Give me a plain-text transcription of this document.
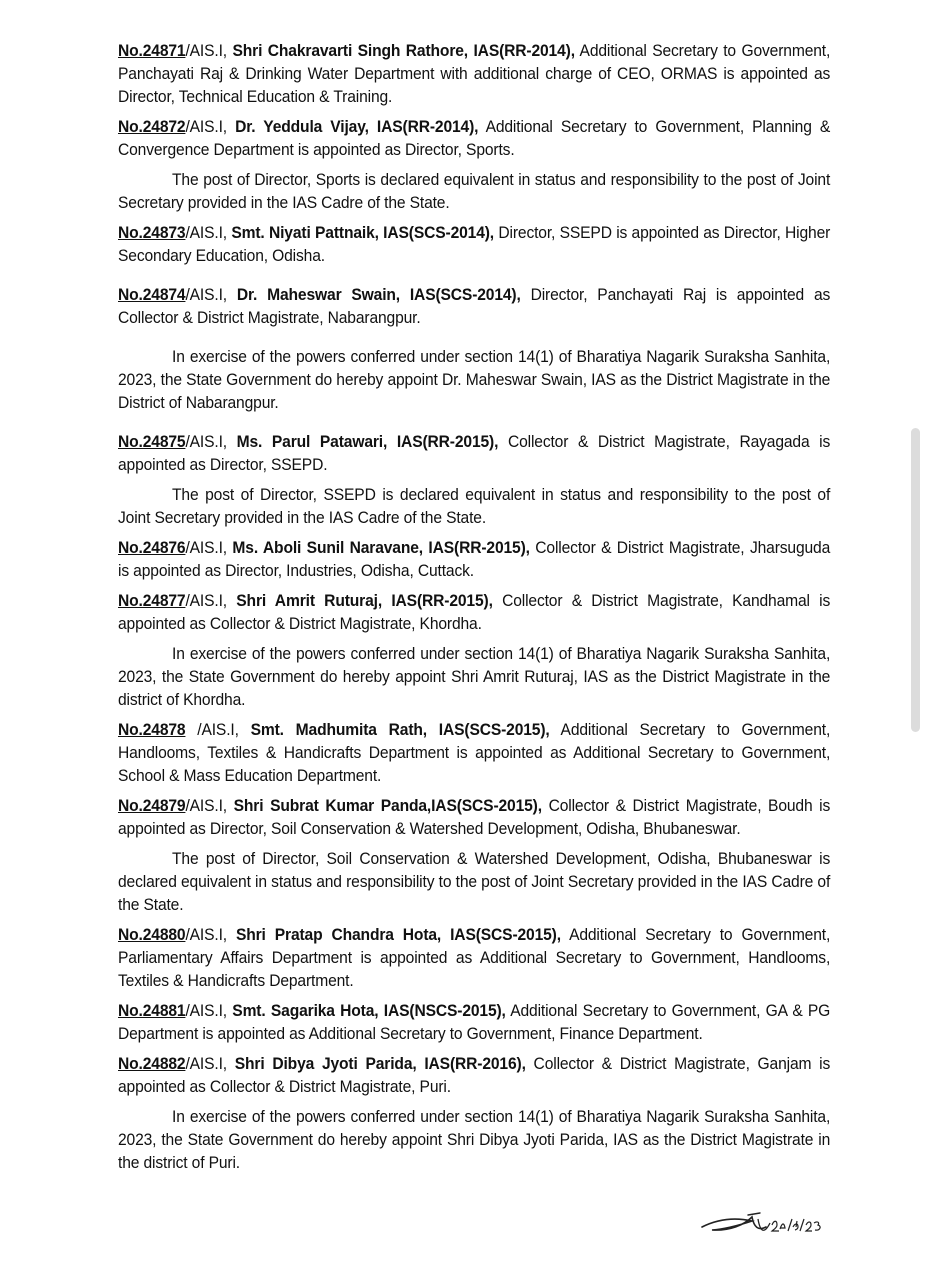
No.24871/AIS.I, Shri Chakravarti Singh Rathore, IAS(RR-2014), Additional Secretary to Government, Panchayati Raj & Drinking Water Department with additional charge of CEO, ORMAS is appointed as Director, Technical Education & Training.

No.24872/AIS.I, Dr. Yeddula Vijay, IAS(RR-2014), Additional Secretary to Government, Planning & Convergence Department is appointed as Director, Sports.

The post of Director, Sports is declared equivalent in status and responsibility to the post of Joint Secretary provided in the IAS Cadre of the State.

No.24873/AIS.I, Smt. Niyati Pattnaik, IAS(SCS-2014), Director, SSEPD is appointed as Director, Higher Secondary Education, Odisha.

No.24874/AIS.I, Dr. Maheswar Swain, IAS(SCS-2014), Director, Panchayati Raj is appointed as Collector & District Magistrate, Nabarangpur.

In exercise of the powers conferred under section 14(1) of Bharatiya Nagarik Suraksha Sanhita, 2023, the State Government do hereby appoint Dr. Maheswar Swain, IAS as the District Magistrate in the District of Nabarangpur.

No.24875/AIS.I, Ms. Parul Patawari, IAS(RR-2015), Collector & District Magistrate, Rayagada is appointed as Director, SSEPD.

The post of Director, SSEPD is declared equivalent in status and responsibility to the post of Joint Secretary provided in the IAS Cadre of the State.

No.24876/AIS.I, Ms. Aboli Sunil Naravane, IAS(RR-2015), Collector & District Magistrate, Jharsuguda is appointed as Director, Industries, Odisha, Cuttack.

No.24877/AIS.I, Shri Amrit Ruturaj, IAS(RR-2015), Collector & District Magistrate, Kandhamal is appointed as Collector & District Magistrate, Khordha.

In exercise of the powers conferred under section 14(1) of Bharatiya Nagarik Suraksha Sanhita, 2023, the State Government do hereby appoint Shri Amrit Ruturaj, IAS as the District Magistrate in the district of Khordha.

No.24878 /AIS.I, Smt. Madhumita Rath, IAS(SCS-2015), Additional Secretary to Government, Handlooms, Textiles & Handicrafts Department is appointed as Additional Secretary to Government, School & Mass Education Department.

No.24879/AIS.I, Shri Subrat Kumar Panda,IAS(SCS-2015), Collector & District Magistrate, Boudh is appointed as Director, Soil Conservation & Watershed Development, Odisha, Bhubaneswar.

The post of Director, Soil Conservation & Watershed Development, Odisha, Bhubaneswar is declared equivalent in status and responsibility to the post of Joint Secretary provided in the IAS Cadre of the State.

No.24880/AIS.I, Shri Pratap Chandra Hota, IAS(SCS-2015), Additional Secretary to Government, Parliamentary Affairs Department is appointed as Additional Secretary to Government, Handlooms, Textiles & Handicrafts Department.

No.24881/AIS.I, Smt. Sagarika Hota, IAS(NSCS-2015), Additional Secretary to Government, GA & PG Department is appointed as Additional Secretary to Government, Finance Department.

No.24882/AIS.I, Shri Dibya Jyoti Parida, IAS(RR-2016), Collector & District Magistrate, Ganjam is appointed as Collector & District Magistrate, Puri.

In exercise of the powers conferred under section 14(1) of Bharatiya Nagarik Suraksha Sanhita, 2023, the State Government do hereby appoint Shri Dibya Jyoti Parida, IAS as the District Magistrate in the district of Puri.
